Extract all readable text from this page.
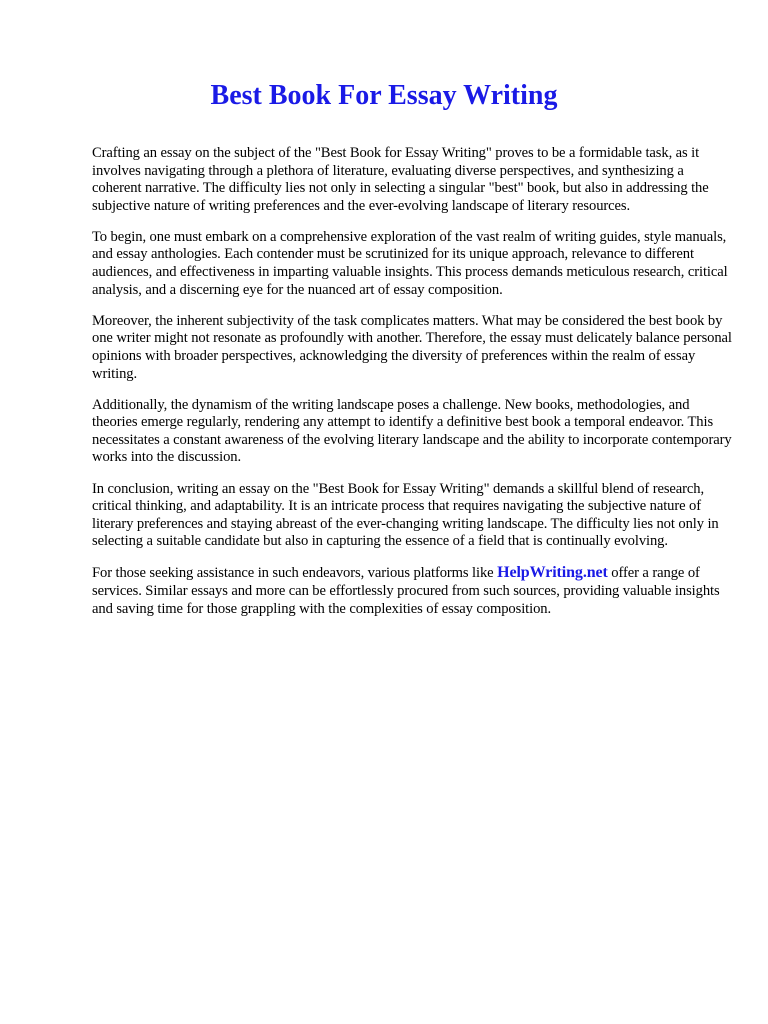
Best Book For Essay Writing

Crafting an essay on the subject of the "Best Book for Essay Writing" proves to be a formidable task, as it involves navigating through a plethora of literature, evaluating diverse perspectives, and synthesizing a coherent narrative. The difficulty lies not only in selecting a singular "best" book, but also in addressing the subjective nature of writing preferences and the ever-evolving landscape of literary resources.

To begin, one must embark on a comprehensive exploration of the vast realm of writing guides, style manuals, and essay anthologies. Each contender must be scrutinized for its unique approach, relevance to different audiences, and effectiveness in imparting valuable insights. This process demands meticulous research, critical analysis, and a discerning eye for the nuanced art of essay composition.

Moreover, the inherent subjectivity of the task complicates matters. What may be considered the best book by one writer might not resonate as profoundly with another. Therefore, the essay must delicately balance personal opinions with broader perspectives, acknowledging the diversity of preferences within the realm of essay writing.

Additionally, the dynamism of the writing landscape poses a challenge. New books, methodologies, and theories emerge regularly, rendering any attempt to identify a definitive best book a temporal endeavor. This necessitates a constant awareness of the evolving literary landscape and the ability to incorporate contemporary works into the discussion.

In conclusion, writing an essay on the "Best Book for Essay Writing" demands a skillful blend of research, critical thinking, and adaptability. It is an intricate process that requires navigating the subjective nature of literary preferences and staying abreast of the ever-changing writing landscape. The difficulty lies not only in selecting a suitable candidate but also in capturing the essence of a field that is continually evolving.

For those seeking assistance in such endeavors, various platforms like HelpWriting.net offer a range of services. Similar essays and more can be effortlessly procured from such sources, providing valuable insights and saving time for those grappling with the complexities of essay composition.
